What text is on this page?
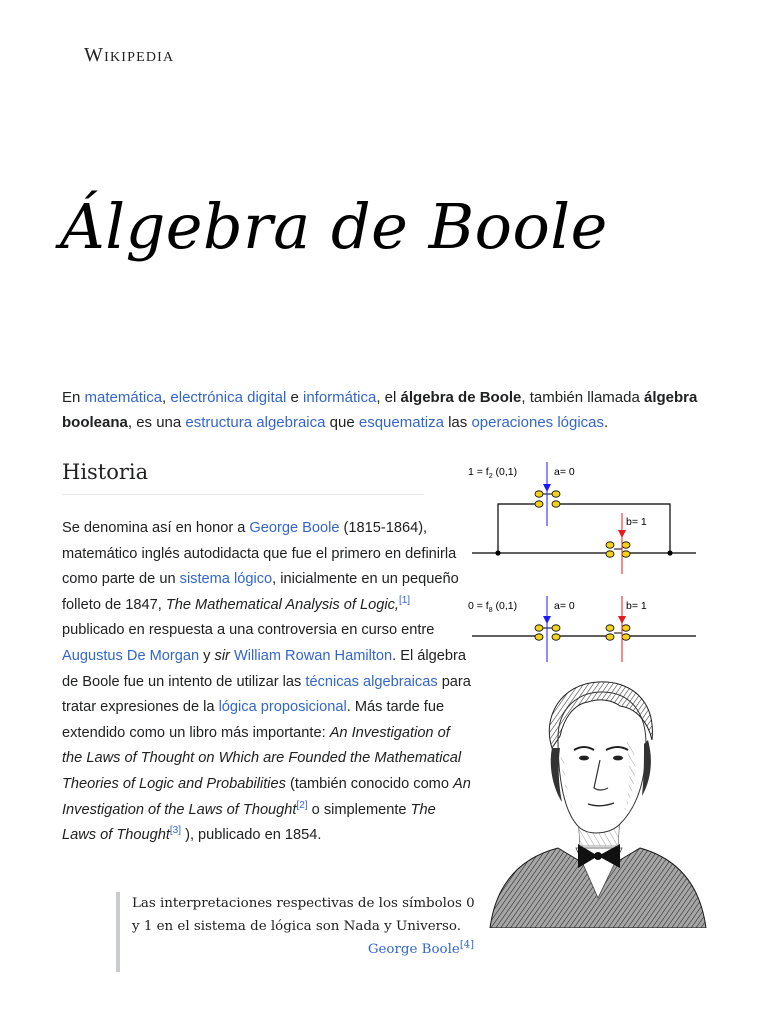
Wikipedia
Álgebra de Boole

En matemática, electrónica digital e informática, el álgebra de Boole, también llamada álgebra booleana, es una estructura algebraica que esquematiza las operaciones lógicas.

Historia

Se denomina así en honor a George Boole (1815-1864), matemático inglés autodidacta que fue el primero en definirla como parte de un sistema lógico, inicialmente en un pequeño folleto de 1847, The Mathematical Analysis of Logic,[1] publicado en respuesta a una controversia en curso entre Augustus De Morgan y sir William Rowan Hamilton. El álgebra de Boole fue un intento de utilizar las técnicas algebraicas para tratar expresiones de la lógica proposicional. Más tarde fue extendido como un libro más importante: An Investigation of the Laws of Thought on Which are Founded the Mathematical Theories of Logic and Probabilities (también conocido como An Investigation of the Laws of Thought[2] o simplemente The Laws of Thought[3] ), publicado en 1854.

Las interpretaciones respectivas de los símbolos 0 y 1 en el sistema de lógica son Nada y Universo.
George Boole[4]
$1 = f_2$ (0,1)	a= 0
b= 1
$0 = f_8$ (0,1)	a= 0	b= 1
